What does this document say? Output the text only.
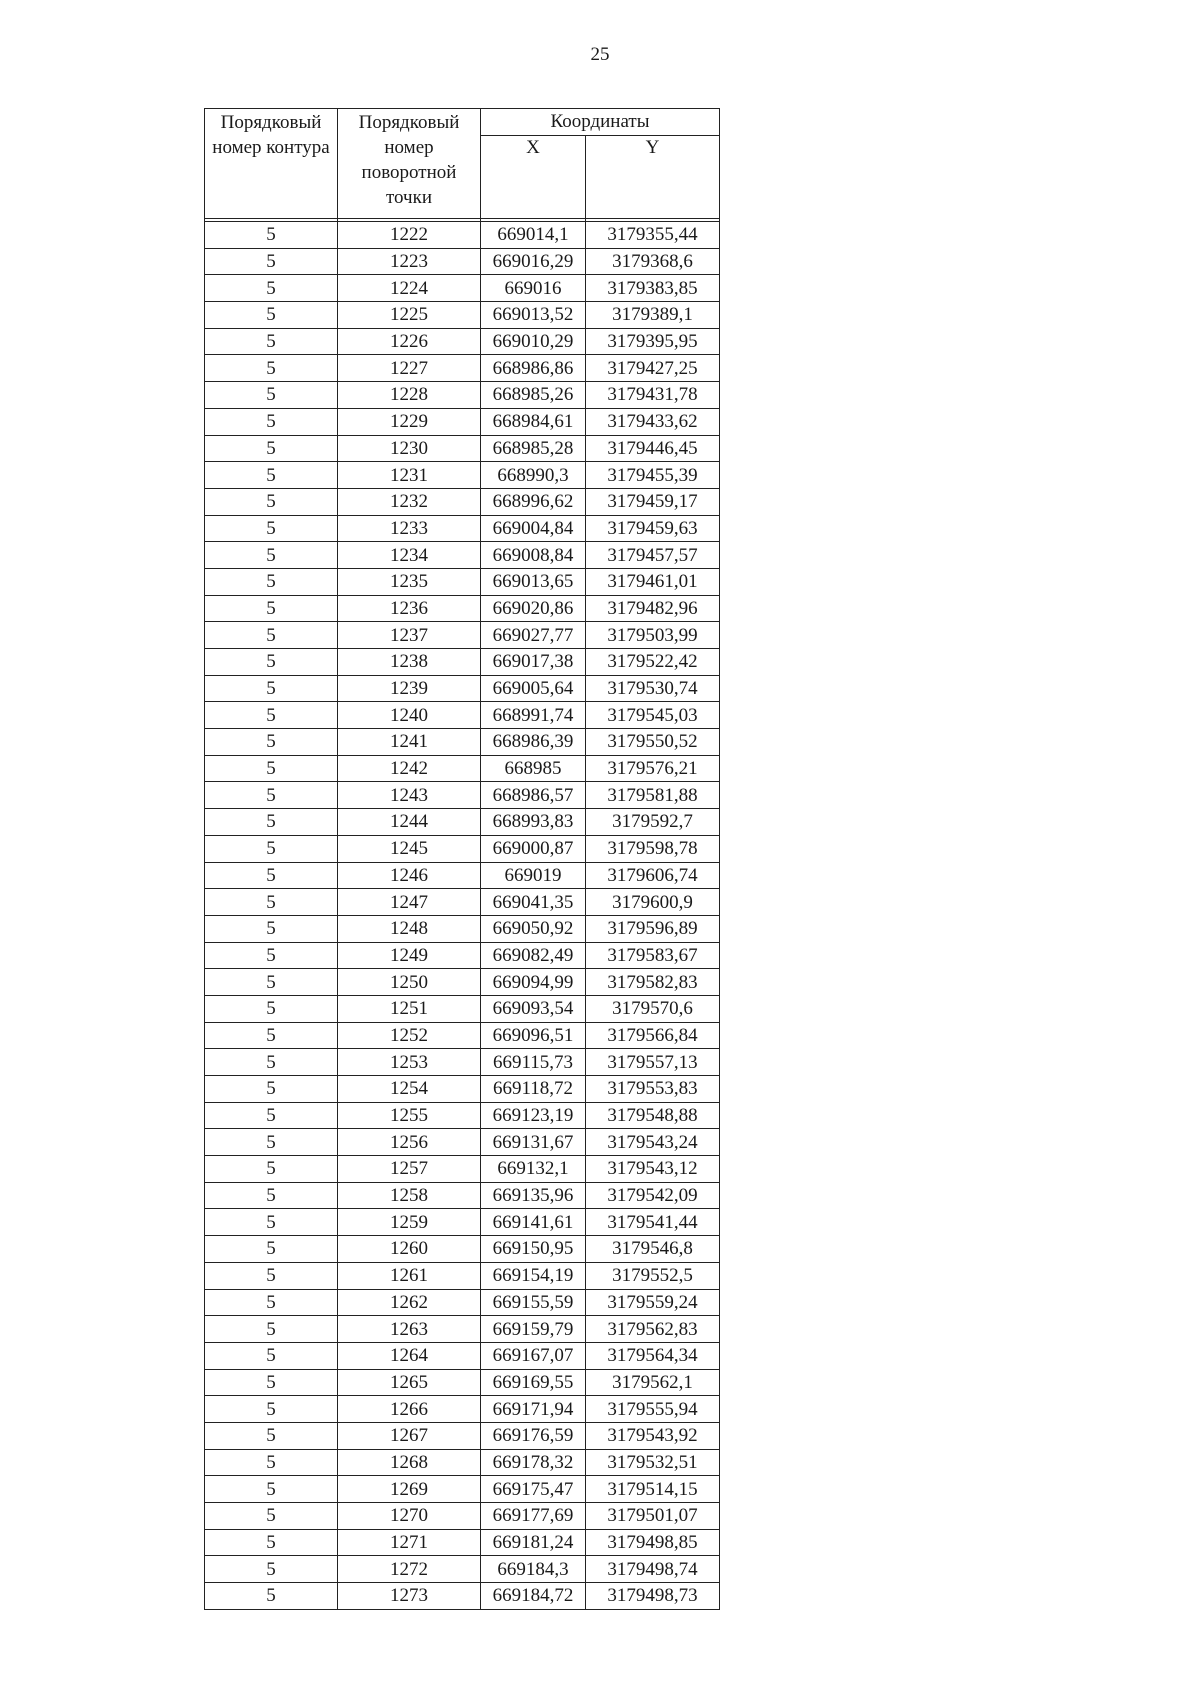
25
Порядковый номер контура	Порядковый номер поворотной точки	Координаты	
		X	Y

5	1222	669014,1	3179355,44
5	1223	669016,29	3179368,6
5	1224	669016	3179383,85
5	1225	669013,52	3179389,1
5	1226	669010,29	3179395,95
5	1227	668986,86	3179427,25
5	1228	668985,26	3179431,78
5	1229	668984,61	3179433,62
5	1230	668985,28	3179446,45
5	1231	668990,3	3179455,39
5	1232	668996,62	3179459,17
5	1233	669004,84	3179459,63
5	1234	669008,84	3179457,57
5	1235	669013,65	3179461,01
5	1236	669020,86	3179482,96
5	1237	669027,77	3179503,99
5	1238	669017,38	3179522,42
5	1239	669005,64	3179530,74
5	1240	668991,74	3179545,03
5	1241	668986,39	3179550,52
5	1242	668985	3179576,21
5	1243	668986,57	3179581,88
5	1244	668993,83	3179592,7
5	1245	669000,87	3179598,78
5	1246	669019	3179606,74
5	1247	669041,35	3179600,9
5	1248	669050,92	3179596,89
5	1249	669082,49	3179583,67
5	1250	669094,99	3179582,83
5	1251	669093,54	3179570,6
5	1252	669096,51	3179566,84
5	1253	669115,73	3179557,13
5	1254	669118,72	3179553,83
5	1255	669123,19	3179548,88
5	1256	669131,67	3179543,24
5	1257	669132,1	3179543,12
5	1258	669135,96	3179542,09
5	1259	669141,61	3179541,44
5	1260	669150,95	3179546,8
5	1261	669154,19	3179552,5
5	1262	669155,59	3179559,24
5	1263	669159,79	3179562,83
5	1264	669167,07	3179564,34
5	1265	669169,55	3179562,1
5	1266	669171,94	3179555,94
5	1267	669176,59	3179543,92
5	1268	669178,32	3179532,51
5	1269	669175,47	3179514,15
5	1270	669177,69	3179501,07
5	1271	669181,24	3179498,85
5	1272	669184,3	3179498,74
5	1273	669184,72	3179498,73
